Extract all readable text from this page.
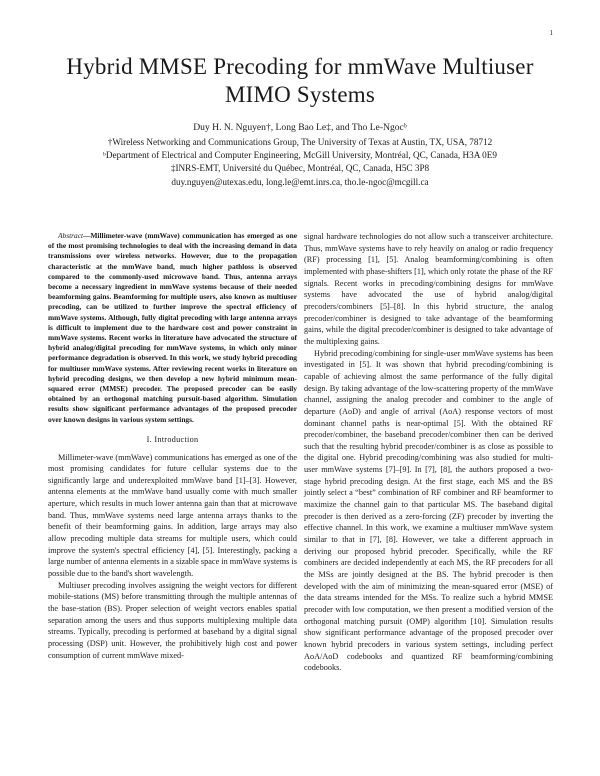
1
Hybrid MMSE Precoding for mmWave Multiuser
MIMO Systems
Duy H. N. Nguyen†, Long Bao Le‡, and Tho Le-Ngocᵇ
†Wireless Networking and Communications Group, The University of Texas at Austin, TX, USA, 78712
ᵇDepartment of Electrical and Computer Engineering, McGill University, Montréal, QC, Canada, H3A 0E9
‡INRS-EMT, Université du Québec, Montréal, QC, Canada, H5C 3P8
duy.nguyen@utexas.edu, long.le@emt.inrs.ca, tho.le-ngoc@mcgill.ca

Abstract—Millimeter-wave (mmWave) communication has emerged as one of the most promising technologies to deal with the increasing demand in data transmissions over wireless networks. However, due to the propagation characteristic at the mmWave band, much higher pathloss is observed compared to the commonly-used microwave band. Thus, antenna arrays become a necessary ingredient in mmWave systems because of their needed beamforming gains. Beamforming for multiple users, also known as multiuser precoding, can be utilized to further improve the spectral efficiency of mmWave systems. Although, fully digital precoding with large antenna arrays is difficult to implement due to the hardware cost and power constraint in mmWave systems. Recent works in literature have advocated the structure of hybrid analog/digital precoding for mmWave systems, in which only minor performance degradation is observed. In this work, we study hybrid precoding for multiuser mmWave systems. After reviewing recent works in literature on hybrid precoding designs, we then develop a new hybrid minimum mean-squared error (MMSE) precoder. The proposed precoder can be easily obtained by an orthogonal matching pursuit-based algorithm. Simulation results show significant performance advantages of the proposed precoder over known designs in various system settings.

I. Introduction

Millimeter-wave (mmWave) communications has emerged as one of the most promising candidates for future cellular systems due to the significantly large and underexploited mmWave band [1]–[3]. However, antenna elements at the mmWave band usually come with much smaller aperture, which results in much lower antenna gain than that at microwave band. Thus, mmWave systems need large antenna arrays thanks to the benefit of their beamforming gains. In addition, large arrays may also allow precoding multiple data streams for multiple users, which could improve the system's spectral efficiency [4], [5]. Interestingly, packing a large number of antenna elements in a sizable space in mmWave systems is possible due to the band's short wavelength.

Multiuser precoding involves assigning the weight vectors for different mobile-stations (MS) before transmitting through the multiple antennas of the base-station (BS). Proper selection of weight vectors enables spatial separation among the users and thus supports multiplexing multiple data streams. Typically, precoding is performed at baseband by a digital signal processing (DSP) unit. However, the prohibitively high cost and power consumption of current mmWave mixed-

signal hardware technologies do not allow such a transceiver architecture. Thus, mmWave systems have to rely heavily on analog or radio frequency (RF) processing [1], [5]. Analog beamforming/combining is often implemented with phase-shifters [1], which only rotate the phase of the RF signals. Recent works in precoding/combining designs for mmWave systems have advocated the use of hybrid analog/digital precoders/combiners [5]–[8]. In this hybrid structure, the analog precoder/combiner is designed to take advantage of the beamforming gains, while the digital precoder/combiner is designed to take advantage of the multiplexing gains.

Hybrid precoding/combining for single-user mmWave systems has been investigated in [5]. It was shown that hybrid precoding/combining is capable of achieving almost the same performance of the fully digital design. By taking advantage of the low-scattering property of the mmWave channel, assigning the analog precoder and combiner to the angle of departure (AoD) and angle of arrival (AoA) response vectors of most dominant channel paths is near-optimal [5]. With the obtained RF precoder/combiner, the baseband precoder/combiner then can be derived such that the resulting hybrid precoder/combiner is as close as possible to the digital one. Hybrid precoding/combining was also studied for multi-user mmWave systems [7]–[9]. In [7], [8], the authors proposed a two-stage hybrid precoding design. At the first stage, each MS and the BS jointly select a “best” combination of RF combiner and RF beamformer to maximize the channel gain to that particular MS. The baseband digital precoder is then derived as a zero-forcing (ZF) precoder by inverting the effective channel. In this work, we examine a multiuser mmWave system similar to that in [7], [8]. However, we take a different approach in deriving our proposed hybrid precoder. Specifically, while the RF combiners are decided independently at each MS, the RF precoders for all the MSs are jointly designed at the BS. The hybrid precoder is then developed with the aim of minimizing the mean-squared error (MSE) of the data streams intended for the MSs. To realize such a hybrid MMSE precoder with low computation, we then present a modified version of the orthogonal matching pursuit (OMP) algorithm [10]. Simulation results show significant performance advantage of the proposed precoder over known hybrid precoders in various system settings, including perfect AoA/AoD codebooks and quantized RF beamforming/combining codebooks.
